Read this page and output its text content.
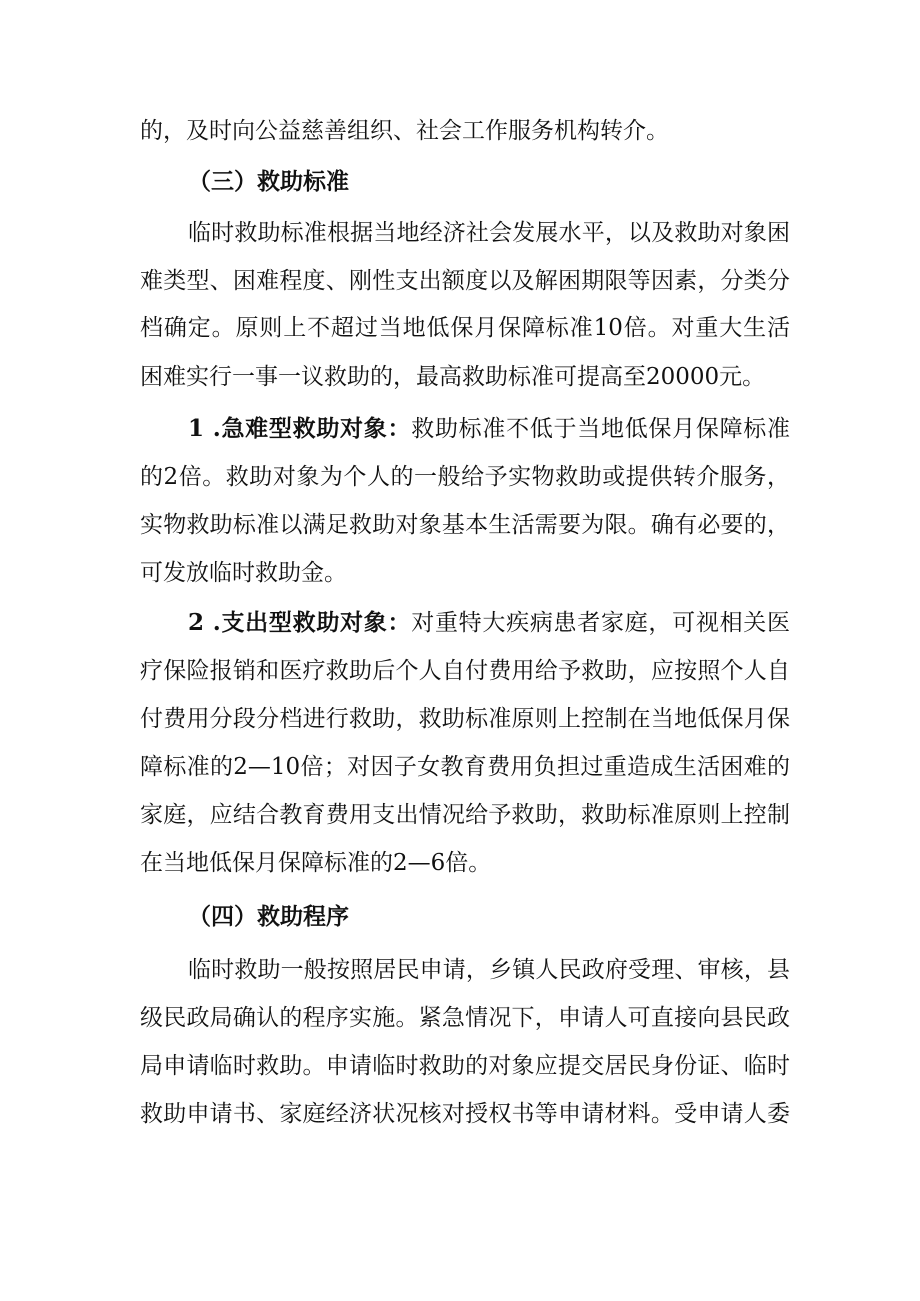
的，及时向公益慈善组织、社会工作服务机构转介。
（三）救助标准
临时救助标准根据当地经济社会发展水平，以及救助对象困
难类型、困难程度、刚性支出额度以及解困期限等因素，分类分
档确定。原则上不超过当地低保月保障标准10倍。对重大生活
困难实行一事一议救助的，最高救助标准可提高至20000元。
1 .急难型救助对象：救助标准不低于当地低保月保障标准
的2倍。救助对象为个人的一般给予实物救助或提供转介服务，
实物救助标准以满足救助对象基本生活需要为限。确有必要的，
可发放临时救助金。
2 .支出型救助对象：对重特大疾病患者家庭，可视相关医
疗保险报销和医疗救助后个人自付费用给予救助，应按照个人自
付费用分段分档进行救助，救助标准原则上控制在当地低保月保
障标准的2—10倍；对因子女教育费用负担过重造成生活困难的
家庭，应结合教育费用支出情况给予救助，救助标准原则上控制
在当地低保月保障标准的2—6倍。
（四）救助程序
临时救助一般按照居民申请，乡镇人民政府受理、审核，县
级民政局确认的程序实施。紧急情况下，申请人可直接向县民政
局申请临时救助。申请临时救助的对象应提交居民身份证、临时
救助申请书、家庭经济状况核对授权书等申请材料。受申请人委
